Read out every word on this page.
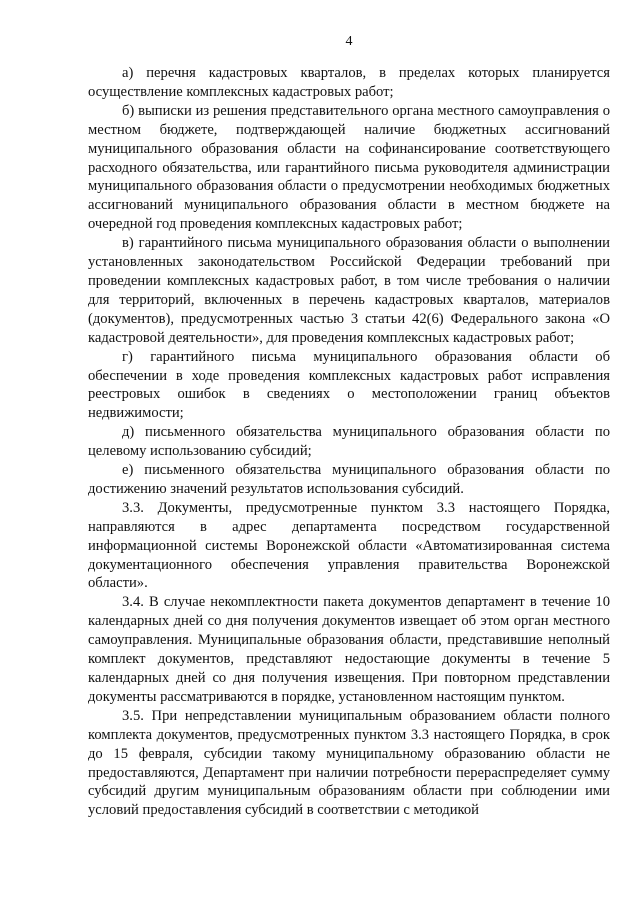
4

а) перечня кадастровых кварталов, в пределах которых планируется осуществление комплексных кадастровых работ;

б) выписки из решения представительного органа местного самоуправления о местном бюджете, подтверждающей наличие бюджетных ассигнований муниципального образования области на софинансирование соответствующего расходного обязательства, или гарантийного письма руководителя администрации муниципального образования области о предусмотрении необходимых бюджетных ассигнований муниципального образования области в местном бюджете на очередной год проведения комплексных кадастровых работ;

в) гарантийного письма муниципального образования области о выполнении установленных законодательством Российской Федерации требований при проведении комплексных кадастровых работ, в том числе требования о наличии для территорий, включенных в перечень кадастровых кварталов, материалов (документов), предусмотренных частью 3 статьи 42(6) Федерального закона «О кадастровой деятельности», для проведения комплексных кадастровых работ;

г) гарантийного письма муниципального образования области об обеспечении в ходе проведения комплексных кадастровых работ исправления реестровых ошибок в сведениях о местоположении границ объектов недвижимости;

д) письменного обязательства муниципального образования области по целевому использованию субсидий;

е) письменного обязательства муниципального образования области по достижению значений результатов использования субсидий.

3.3. Документы, предусмотренные пунктом 3.3 настоящего Порядка, направляются в адрес департамента посредством государственной информационной системы Воронежской области «Автоматизированная система документационного обеспечения управления правительства Воронежской области».

3.4. В случае некомплектности пакета документов департамент в течение 10 календарных дней со дня получения документов извещает об этом орган местного самоуправления. Муниципальные образования области, представившие неполный комплект документов, представляют недостающие документы в течение 5 календарных дней со дня получения извещения. При повторном представлении документы рассматриваются в порядке, установленном настоящим пунктом.

3.5. При непредставлении муниципальным образованием области полного комплекта документов, предусмотренных пунктом 3.3 настоящего Порядка, в срок до 15 февраля, субсидии такому муниципальному образованию области не предоставляются, Департамент при наличии потребности перераспределяет сумму субсидий другим муниципальным образованиям области при соблюдении ими условий предоставления субсидий в соответствии с методикой
